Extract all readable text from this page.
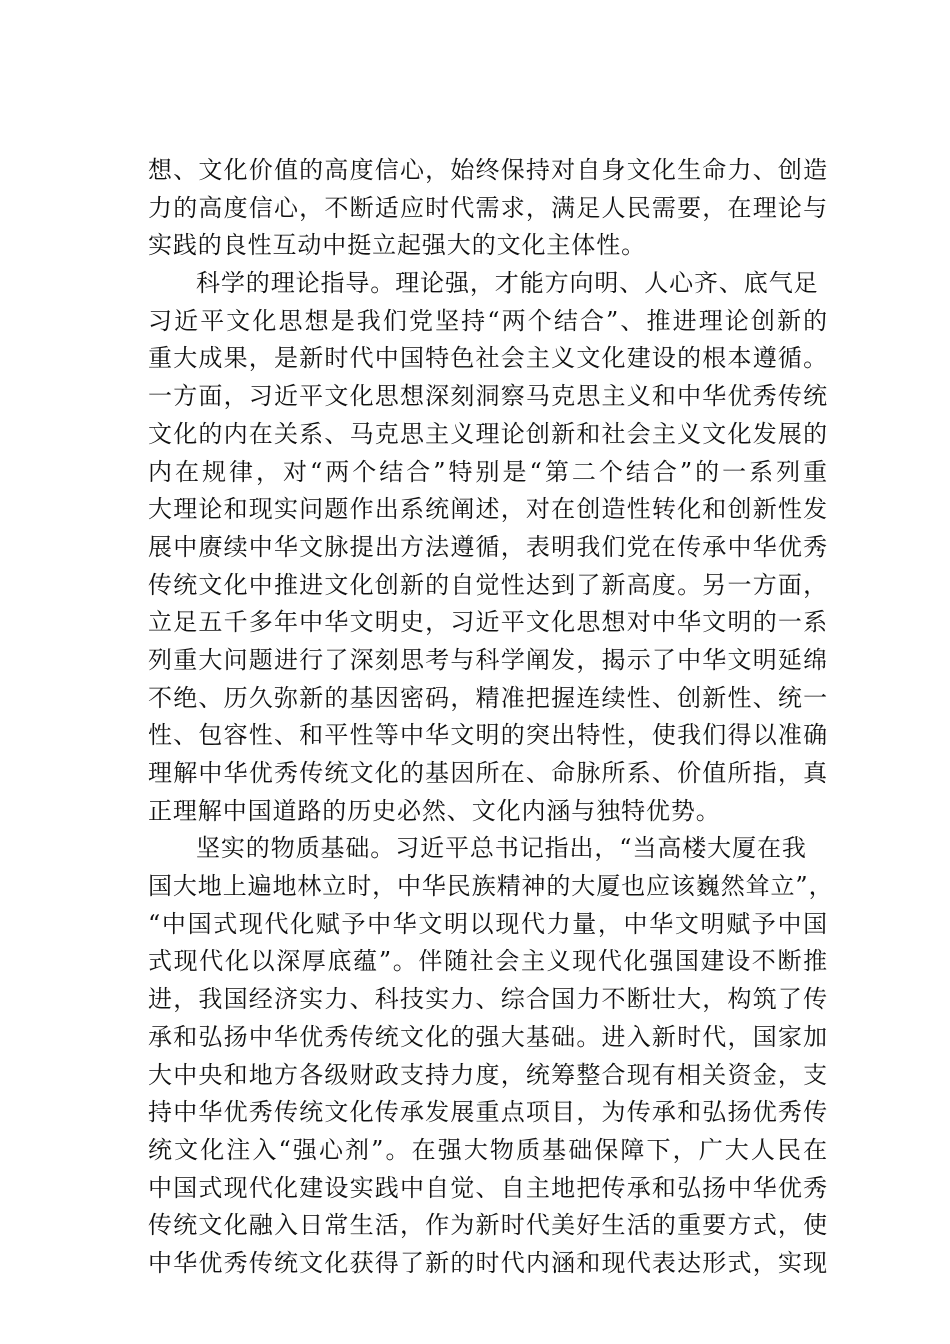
想、文化价值的高度信心，始终保持对自身文化生命力、创造
力的高度信心，不断适应时代需求，满足人民需要，在理论与
实践的良性互动中挺立起强大的文化主体性。
科学的理论指导。理论强，才能方向明、人心齐、底气足
习近平文化思想是我们党坚持“两个结合”、推进理论创新的
重大成果，是新时代中国特色社会主义文化建设的根本遵循。
一方面，习近平文化思想深刻洞察马克思主义和中华优秀传统
文化的内在关系、马克思主义理论创新和社会主义文化发展的
内在规律，对“两个结合”特别是“第二个结合”的一系列重
大理论和现实问题作出系统阐述，对在创造性转化和创新性发
展中赓续中华文脉提出方法遵循，表明我们党在传承中华优秀
传统文化中推进文化创新的自觉性达到了新高度。另一方面，
立足五千多年中华文明史，习近平文化思想对中华文明的一系
列重大问题进行了深刻思考与科学阐发，揭示了中华文明延绵
不绝、历久弥新的基因密码，精准把握连续性、创新性、统一
性、包容性、和平性等中华文明的突出特性，使我们得以准确
理解中华优秀传统文化的基因所在、命脉所系、价值所指，真
正理解中国道路的历史必然、文化内涵与独特优势。
坚实的物质基础。习近平总书记指出，“当高楼大厦在我
国大地上遍地林立时，中华民族精神的大厦也应该巍然耸立”，
“中国式现代化赋予中华文明以现代力量，中华文明赋予中国
式现代化以深厚底蕴”。伴随社会主义现代化强国建设不断推
进，我国经济实力、科技实力、综合国力不断壮大，构筑了传
承和弘扬中华优秀传统文化的强大基础。进入新时代，国家加
大中央和地方各级财政支持力度，统筹整合现有相关资金，支
持中华优秀传统文化传承发展重点项目，为传承和弘扬优秀传
统文化注入“强心剂”。在强大物质基础保障下，广大人民在
中国式现代化建设实践中自觉、自主地把传承和弘扬中华优秀
传统文化融入日常生活，作为新时代美好生活的重要方式，使
中华优秀传统文化获得了新的时代内涵和现代表达形式，实现
